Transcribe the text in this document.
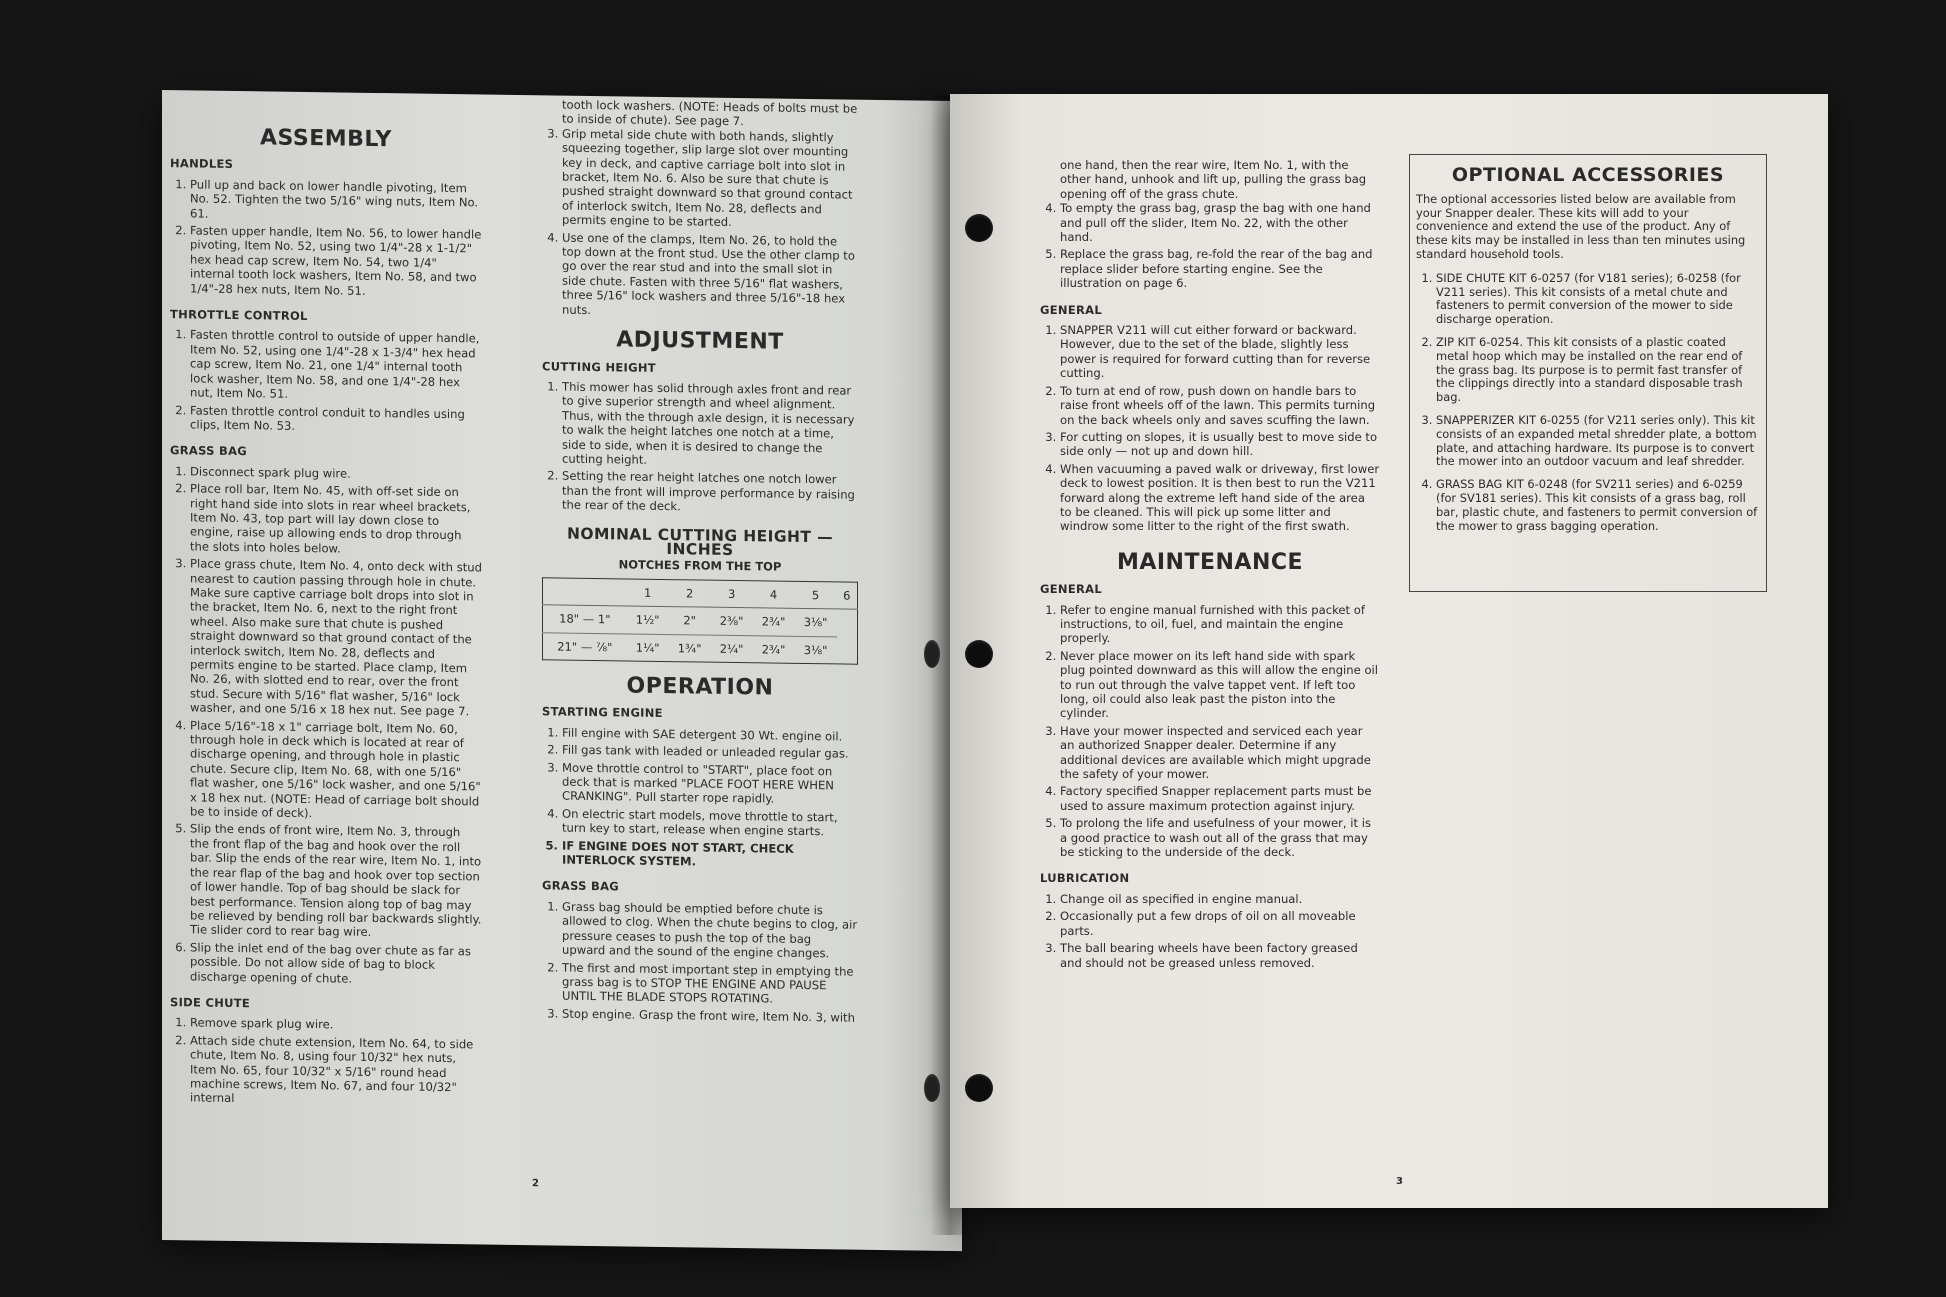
ASSEMBLY
HANDLES
1. Pull up and back on lower handle pivoting, Item No. 52. Tighten the two 5/16" wing nuts, Item No. 61.
2. Fasten upper handle, Item No. 56, to lower handle pivoting, Item No. 52, using two 1/4"-28 x 1-1/2" hex head cap screw, Item No. 54, two 1/4" internal tooth lock washers, Item No. 58, and two 1/4"-28 hex nuts, Item No. 51.
THROTTLE CONTROL
1. Fasten throttle control to outside of upper handle, Item No. 52, using one 1/4"-28 x 1-3/4" hex head cap screw, Item No. 21, one 1/4" internal tooth lock washer, Item No. 58, and one 1/4"-28 hex nut, Item No. 51.
2. Fasten throttle control conduit to handles using clips, Item No. 53.
GRASS BAG
1. Disconnect spark plug wire.
2. Place roll bar, Item No. 45, with off-set side on right hand side into slots in rear wheel brackets, Item No. 43, top part will lay down close to engine, raise up allowing ends to drop through the slots into holes below.
3. Place grass chute, Item No. 4, onto deck with stud nearest to caution passing through hole in chute. Make sure captive carriage bolt drops into slot in the bracket, Item No. 6, next to the right front wheel. Also make sure that chute is pushed straight downward so that ground contact of the interlock switch, Item No. 28, deflects and permits engine to be started. Place clamp, Item No. 26, with slotted end to rear, over the front stud. Secure with 5/16" flat washer, 5/16" lock washer, and one 5/16 x 18 hex nut. See page 7.
4. Place 5/16"-18 x 1" carriage bolt, Item No. 60, through hole in deck which is located at rear of discharge opening, and through hole in plastic chute. Secure clip, Item No. 68, with one 5/16" flat washer, one 5/16" lock washer, and one 5/16" x 18 hex nut. (NOTE: Head of carriage bolt should be to inside of deck).
5. Slip the ends of front wire, Item No. 3, through the front flap of the bag and hook over the roll bar. Slip the ends of the rear wire, Item No. 1, into the rear flap of the bag and hook over top section of lower handle. Top of bag should be slack for best performance. Tension along top of bag may be relieved by bending roll bar backwards slightly. Tie slider cord to rear bag wire.
6. Slip the inlet end of the bag over chute as far as possible. Do not allow side of bag to block discharge opening of chute.
SIDE CHUTE
1. Remove spark plug wire.
2. Attach side chute extension, Item No. 64, to side chute, Item No. 8, using four 10/32" hex nuts, Item No. 65, four 10/32" x 5/16" round head machine screws, Item No. 67, and four 10/32" internal
tooth lock washers. (NOTE: Heads of bolts must be to inside of chute). See page 7.
3. Grip metal side chute with both hands, slightly squeezing together, slip large slot over mounting key in deck, and captive carriage bolt into slot in bracket, Item No. 6. Also be sure that chute is pushed straight downward so that ground contact of interlock switch, Item No. 28, deflects and permits engine to be started.
4. Use one of the clamps, Item No. 26, to hold the top down at the front stud. Use the other clamp to go over the rear stud and into the small slot in side chute. Fasten with three 5/16" flat washers, three 5/16" lock washers and three 5/16"-18 hex nuts.
ADJUSTMENT
CUTTING HEIGHT
1. This mower has solid through axles front and rear to give superior strength and wheel alignment. Thus, with the through axle design, it is necessary to walk the height latches one notch at a time, side to side, when it is desired to change the cutting height.
2. Setting the rear height latches one notch lower than the front will improve performance by raising the rear of the deck.
NOMINAL CUTTING HEIGHT — INCHES
NOTCHES FROM THE TOP
	1	2	3	4	5	6
18" — 1"	1½"	2"	2⅜"	2¾"	3⅛"	
21" — ⅞"	1¼"	1¾"	2¼"	2¾"	3⅛"	
OPERATION
STARTING ENGINE
1. Fill engine with SAE detergent 30 Wt. engine oil.
2. Fill gas tank with leaded or unleaded regular gas.
3. Move throttle control to "START", place foot on deck that is marked "PLACE FOOT HERE WHEN CRANKING". Pull starter rope rapidly.
4. On electric start models, move throttle to start, turn key to start, release when engine starts.
5. IF ENGINE DOES NOT START, CHECK INTERLOCK SYSTEM.
GRASS BAG
1. Grass bag should be emptied before chute is allowed to clog. When the chute begins to clog, air pressure ceases to push the top of the bag upward and the sound of the engine changes.
2. The first and most important step in emptying the grass bag is to STOP THE ENGINE AND PAUSE UNTIL THE BLADE STOPS ROTATING.
3. Stop engine. Grasp the front wire, Item No. 3, with
2
one hand, then the rear wire, Item No. 1, with the other hand, unhook and lift up, pulling the grass bag opening off of the grass chute.
4. To empty the grass bag, grasp the bag with one hand and pull off the slider, Item No. 22, with the other hand.
5. Replace the grass bag, re-fold the rear of the bag and replace slider before starting engine. See the illustration on page 6.
GENERAL
1. SNAPPER V211 will cut either forward or backward. However, due to the set of the blade, slightly less power is required for forward cutting than for reverse cutting.
2. To turn at end of row, push down on handle bars to raise front wheels off of the lawn. This permits turning on the back wheels only and saves scuffing the lawn.
3. For cutting on slopes, it is usually best to move side to side only — not up and down hill.
4. When vacuuming a paved walk or driveway, first lower deck to lowest position. It is then best to run the V211 forward along the extreme left hand side of the area to be cleaned. This will pick up some litter and windrow some litter to the right of the first swath.
MAINTENANCE
GENERAL
1. Refer to engine manual furnished with this packet of instructions, to oil, fuel, and maintain the engine properly.
2. Never place mower on its left hand side with spark plug pointed downward as this will allow the engine oil to run out through the valve tappet vent. If left too long, oil could also leak past the piston into the cylinder.
3. Have your mower inspected and serviced each year an authorized Snapper dealer. Determine if any additional devices are available which might upgrade the safety of your mower.
4. Factory specified Snapper replacement parts must be used to assure maximum protection against injury.
5. To prolong the life and usefulness of your mower, it is a good practice to wash out all of the grass that may be sticking to the underside of the deck.
LUBRICATION
1. Change oil as specified in engine manual.
2. Occasionally put a few drops of oil on all moveable parts.
3. The ball bearing wheels have been factory greased and should not be greased unless removed.
3
OPTIONAL ACCESSORIES
The optional accessories listed below are available from your Snapper dealer. These kits will add to your convenience and extend the use of the product. Any of these kits may be installed in less than ten minutes using standard household tools.
1. SIDE CHUTE KIT 6-0257 (for V181 series); 6-0258 (for V211 series). This kit consists of a metal chute and fasteners to permit conversion of the mower to side discharge operation.
2. ZIP KIT 6-0254. This kit consists of a plastic coated metal hoop which may be installed on the rear end of the grass bag. Its purpose is to permit fast transfer of the clippings directly into a standard disposable trash bag.
3. SNAPPERIZER KIT 6-0255 (for V211 series only). This kit consists of an expanded metal shredder plate, a bottom plate, and attaching hardware. Its purpose is to convert the mower into an outdoor vacuum and leaf shredder.
4. GRASS BAG KIT 6-0248 (for SV211 series) and 6-0259 (for SV181 series). This kit consists of a grass bag, roll bar, plastic chute, and fasteners to permit conversion of the mower to grass bagging operation.
